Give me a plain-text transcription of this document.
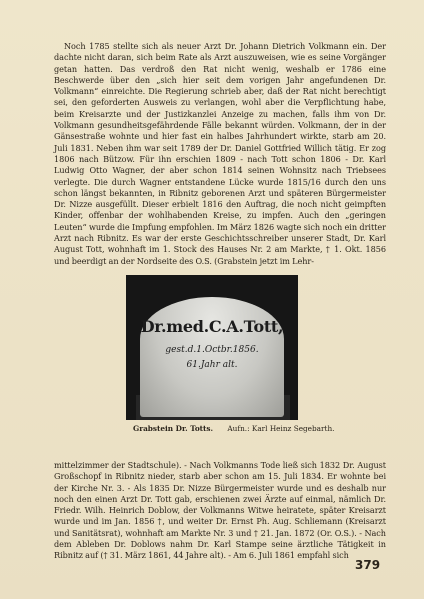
Noch 1785 stellte sich als neuer Arzt Dr. Johann Dietrich Volkmann ein. Der dachte nicht daran, sich beim Rate als Arzt auszuweisen, wie es seine Vorgänger getan hatten. Das verdroß den Rat nicht wenig, weshalb er 1786 eine Beschwerde über den „sich hier seit dem vorigen Jahr angefundenen Dr. Volkmann“ einreichte. Die Regierung schrieb aber, daß der Rat nicht berechtigt sei, den geforderten Ausweis zu verlangen, wohl aber die Verpflichtung habe, beim Kreisarzte und der Justizkanzlei Anzeige zu machen, falls ihm von Dr. Volkmann gesundheitsgefährdende Fälle bekannt würden. Volkmann, der in der Gänsestraße wohnte und hier fast ein halbes Jahrhundert wirkte, starb am 20. Juli 1831. Neben ihm war seit 1789 der Dr. Daniel Gottfried Willich tätig. Er zog 1806 nach Bützow. Für ihn erschien 1809 - nach Tott schon 1806 - Dr. Karl Ludwig Otto Wagner, der aber schon 1814 seinen Wohnsitz nach Triebsees verlegte. Die durch Wagner entstandene Lücke wurde 1815/16 durch den uns schon längst bekannten, in Ribnitz geborenen Arzt und späteren Bürgermeister Dr. Nizze ausgefüllt. Dieser erbielt 1816 den Auftrag, die noch nicht geimpften Kinder, offenbar der wohlhabenden Kreise, zu impfen. Auch den „geringen Leuten“ wurde die Impfung empfohlen. Im März 1826 wagte sich noch ein dritter Arzt nach Ribnitz. Es war der erste Geschichtsschreiber unserer Stadt, Dr. Karl August Tott, wohnhaft im 1. Stock des Hauses Nr. 2 am Markte, † 1. Okt. 1856 und beerdigt an der Nordseite des O.S. (Grabstein jetzt im Lehr-

Dr.med.C.A.Tott,
gest.d.1.Octbr.1856.
61.Jahr alt.
Grabstein Dr. Totts. Aufn.: Karl Heinz Segebarth.

mittelzimmer der Stadtschule). - Nach Volkmanns Tode ließ sich 1832 Dr. August Großschopf in Ribnitz nieder, starb aber schon am 15. Juli 1834. Er wohnte bei der Kirche Nr. 3. - Als 1835 Dr. Nizze Bürgermeister wurde und es deshalb nur noch den einen Arzt Dr. Tott gab, erschienen zwei Ärzte auf einmal, nämlich Dr. Friedr. Wilh. Heinrich Doblow, der Volkmanns Witwe heiratete, später Kreisarzt wurde und im Jan. 1856 †, und weiter Dr. Ernst Ph. Aug. Schliemann (Kreisarzt und Sanitätsrat), wohnhaft am Markte Nr. 3 und † 21. Jan. 1872 (Or. O.S.). - Nach dem Ableben Dr. Doblows nahm Dr. Karl Stampe seine ärztliche Tätigkeit in Ribnitz auf († 31. März 1861, 44 Jahre alt). - Am 6. Juli 1861 empfahl sich

379
